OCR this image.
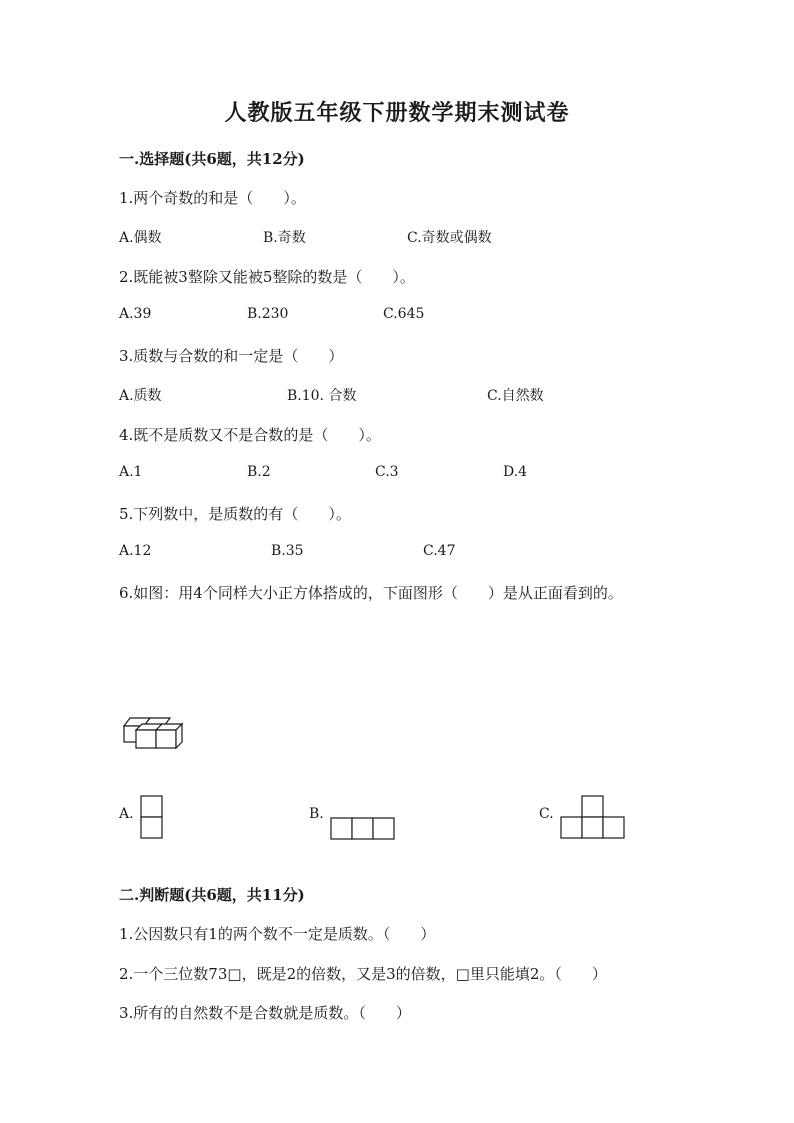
人教版五年级下册数学期末测试卷
一.选择题(共6题，共12分)
1.两个奇数的和是（　　）。
A.偶数	B.奇数	C.奇数或偶数
2.既能被3整除又能被5整除的数是（　　）。
A.39	B.230	C.645
3.质数与合数的和一定是（　　）
A.质数	B.10. 合数	C.自然数
4.既不是质数又不是合数的是（　　）。
A.1	B.2	C.3	D.4
5.下列数中，是质数的有（　　）。
A.12	B.35	C.47
6.如图：用4个同样大小正方体搭成的，下面图形（　　）是从正面看到的。
A.	B.	C.
二.判断题(共6题，共11分)
1.公因数只有1的两个数不一定是质数。（　　）
2.一个三位数73□，既是2的倍数，又是3的倍数，□里只能填2。（　　）
3.所有的自然数不是合数就是质数。（　　）
